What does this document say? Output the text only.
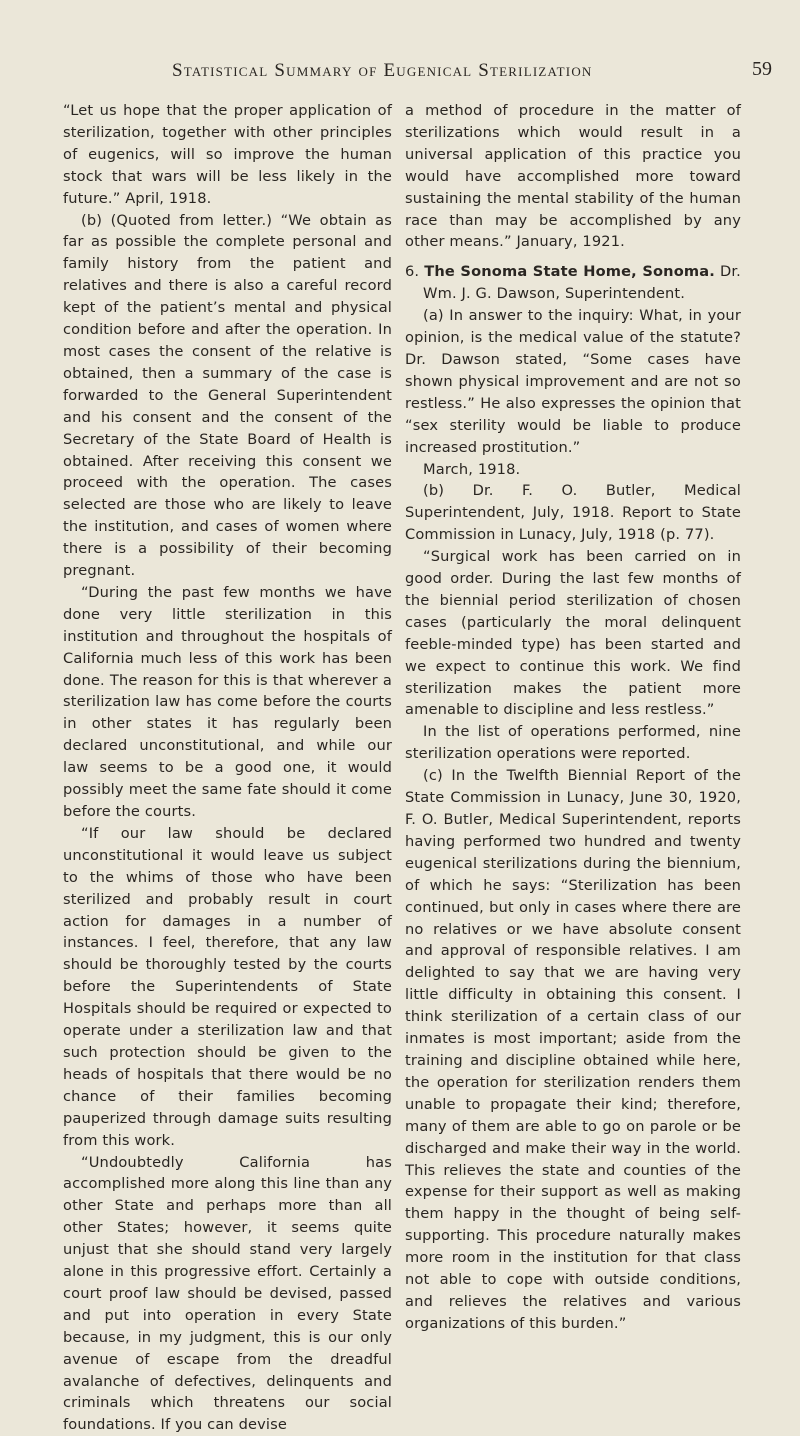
Statistical Summary of Eugenical Sterilization	59

“Let us hope that the proper application of sterilization, together with other principles of eugenics, will so improve the human stock that wars will be less likely in the future.” April, 1918.

(b) (Quoted from letter.) “We obtain as far as possible the complete personal and family history from the patient and relatives and there is also a careful record kept of the patient’s mental and physical condition before and after the operation. In most cases the consent of the relative is obtained, then a summary of the case is forwarded to the General Superintendent and his consent and the consent of the Secretary of the State Board of Health is obtained. After receiving this consent we proceed with the operation. The cases selected are those who are likely to leave the institution, and cases of women where there is a possibility of their becoming pregnant.

“During the past few months we have done very little sterilization in this institution and throughout the hospitals of California much less of this work has been done. The reason for this is that wherever a sterilization law has come before the courts in other states it has regularly been declared unconstitutional, and while our law seems to be a good one, it would possibly meet the same fate should it come before the courts.

“If our law should be declared unconstitutional it would leave us subject to the whims of those who have been sterilized and probably result in court action for damages in a number of instances. I feel, therefore, that any law should be thoroughly tested by the courts before the Superintendents of State Hospitals should be required or expected to operate under a sterilization law and that such protection should be given to the heads of hospitals that there would be no chance of their families becoming pauperized through damage suits resulting from this work.

“Undoubtedly California has accomplished more along this line than any other State and perhaps more than all other States; however, it seems quite unjust that she should stand very largely alone in this progressive effort. Certainly a court proof law should be devised, passed and put into operation in every State because, in my judgment, this is our only avenue of escape from the dreadful avalanche of defectives, delinquents and criminals which threatens our social foundations. If you can devise

a method of procedure in the matter of sterilizations which would result in a universal application of this practice you would have accomplished more toward sustaining the mental stability of the human race than may be accomplished by any other means.” January, 1921.

6. The Sonoma State Home, Sonoma. Dr. Wm. J. G. Dawson, Superintendent.

(a) In answer to the inquiry: What, in your opinion, is the medical value of the statute? Dr. Dawson stated, “Some cases have shown physical improvement and are not so restless.” He also expresses the opinion that “sex sterility would be liable to produce increased prostitution.”

March, 1918.

(b) Dr. F. O. Butler, Medical Superintendent, July, 1918. Report to State Commission in Lunacy, July, 1918 (p. 77).

“Surgical work has been carried on in good order. During the last few months of the biennial period sterilization of chosen cases (particularly the moral delinquent feeble-minded type) has been started and we expect to continue this work. We find sterilization makes the patient more amenable to discipline and less restless.”

In the list of operations performed, nine sterilization operations were reported.

(c) In the Twelfth Biennial Report of the State Commission in Lunacy, June 30, 1920, F. O. Butler, Medical Superintendent, reports having performed two hundred and twenty eugenical sterilizations during the biennium, of which he says: “Sterilization has been continued, but only in cases where there are no relatives or we have absolute consent and approval of responsible relatives. I am delighted to say that we are having very little difficulty in obtaining this consent. I think sterilization of a certain class of our inmates is most important; aside from the training and discipline obtained while here, the operation for sterilization renders them unable to propagate their kind; therefore, many of them are able to go on parole or be discharged and make their way in the world. This relieves the state and counties of the expense for their support as well as making them happy in the thought of being self-supporting. This procedure naturally makes more room in the institution for that class not able to cope with outside conditions, and relieves the relatives and various organizations of this burden.”
